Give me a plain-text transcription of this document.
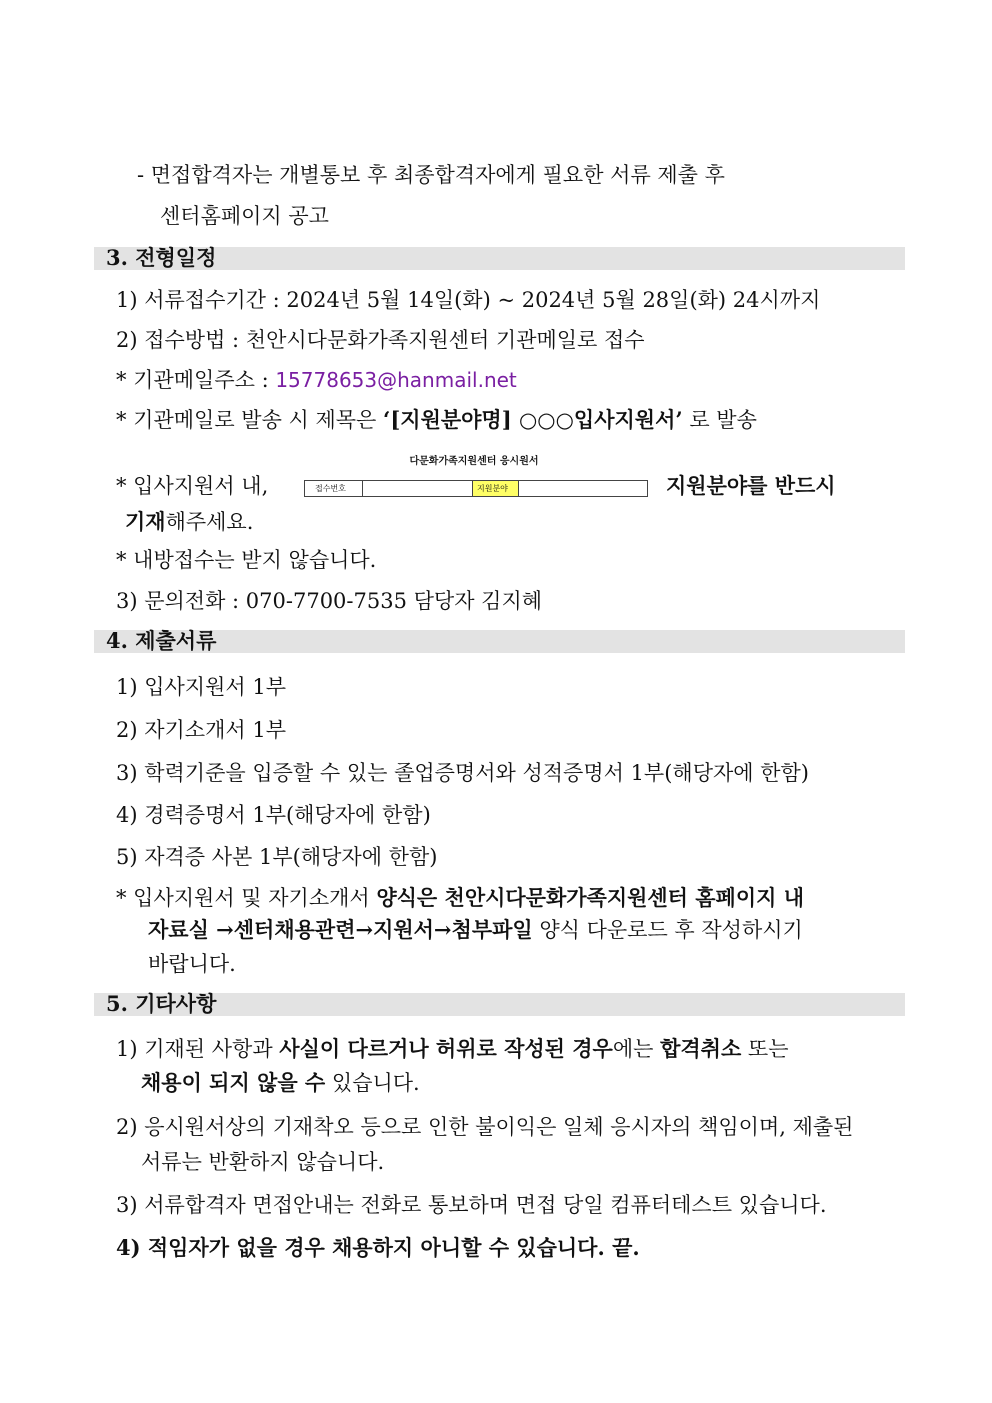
- 면접합격자는 개별통보 후 최종합격자에게 필요한 서류 제출 후
센터홈페이지 공고
3. 전형일정
1) 서류접수기간 : 2024년 5월 14일(화) ~ 2024년 5월 28일(화) 24시까지
2) 접수방법 : 천안시다문화가족지원센터 기관메일로 접수
* 기관메일주소 : 15778653@hanmail.net
* 기관메일로 발송 시 제목은 ‘[지원분야명] ○○○입사지원서’ 로 발송
* 입사지원서 내,
다문화가족지원센터 응시원서
접수번호	지원분야	지원분야를 반드시
기재해주세요.
* 내방접수는 받지 않습니다.
3) 문의전화 : 070-7700-7535 담당자 김지혜
4. 제출서류
1) 입사지원서 1부
2) 자기소개서 1부
3) 학력기준을 입증할 수 있는 졸업증명서와 성적증명서 1부(해당자에 한함)
4) 경력증명서 1부(해당자에 한함)
5) 자격증 사본 1부(해당자에 한함)
* 입사지원서 및 자기소개서 양식은 천안시다문화가족지원센터 홈페이지 내
자료실 →센터채용관련→지원서→첨부파일 양식 다운로드 후 작성하시기
바랍니다.
5. 기타사항
1) 기재된 사항과 사실이 다르거나 허위로 작성된 경우에는 합격취소 또는
채용이 되지 않을 수 있습니다.
2) 응시원서상의 기재착오 등으로 인한 불이익은 일체 응시자의 책임이며, 제출된
서류는 반환하지 않습니다.
3) 서류합격자 면접안내는 전화로 통보하며 면접 당일 컴퓨터테스트 있습니다.
4) 적임자가 없을 경우 채용하지 아니할 수 있습니다. 끝.
